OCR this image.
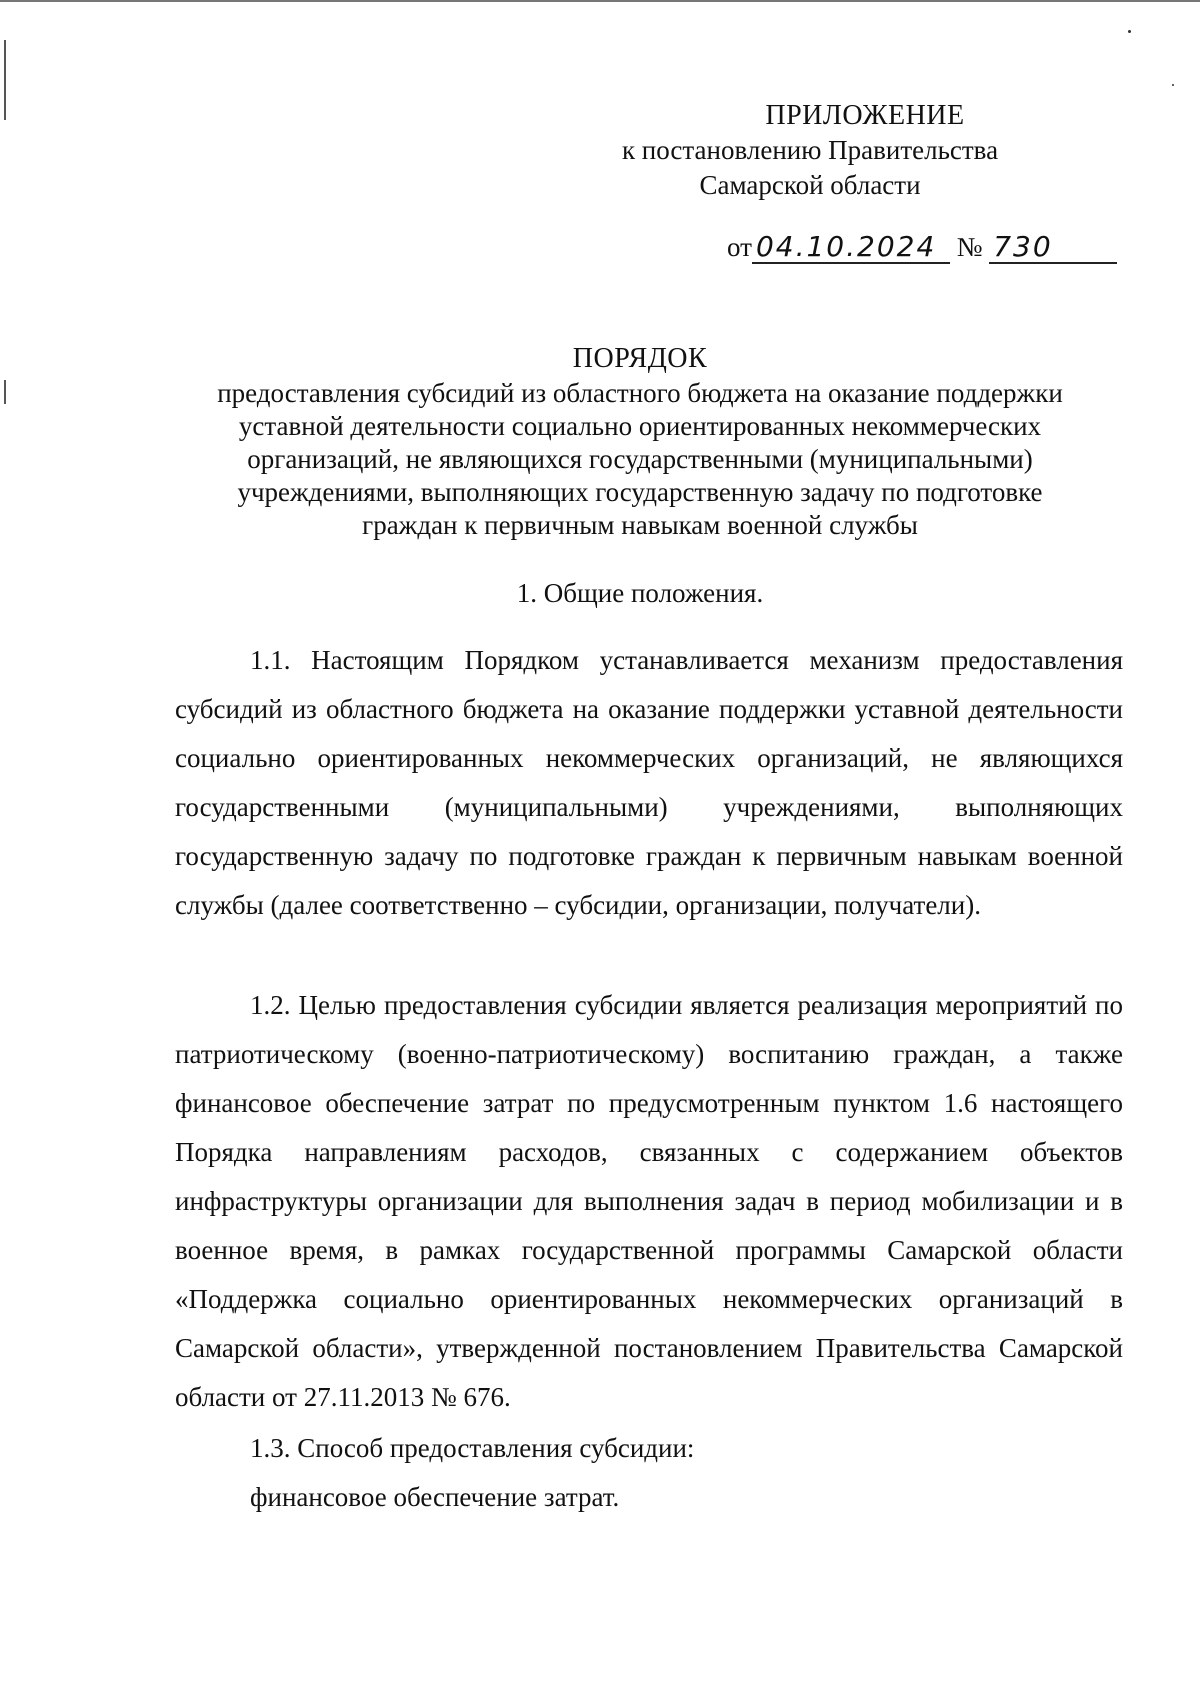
ПРИЛОЖЕНИЕ
к постановлению Правительства
Самарской области
от 04.10.2024 № 730
ПОРЯДОК
предоставления субсидий из областного бюджета на оказание поддержки
уставной деятельности социально ориентированных некоммерческих
организаций, не являющихся государственными (муниципальными)
учреждениями, выполняющих государственную задачу по подготовке
граждан к первичным навыкам военной службы
1. Общие положения.

1.1. Настоящим Порядком устанавливается механизм предоставления субсидий из областного бюджета на оказание поддержки уставной деятельности социально ориентированных некоммерческих организаций, не являющихся государственными (муниципальными) учреждениями, выполняющих государственную задачу по подготовке граждан к первичным навыкам военной службы (далее соответственно – субсидии, организации, получатели).

1.2. Целью предоставления субсидии является реализация мероприятий по патриотическому (военно-патриотическому) воспитанию граждан, а также финансовое обеспечение затрат по предусмотренным пунктом 1.6 настоящего Порядка направлениям расходов, связанных с содержанием объектов инфраструктуры организации для выполнения задач в период мобилизации и в военное время, в рамках государственной программы Самарской области «Поддержка социально ориентированных некоммерческих организаций в Самарской области», утвержденной постановлением Правительства Самарской области от 27.11.2013 № 676.

1.3. Способ предоставления субсидии:

финансовое обеспечение затрат.
